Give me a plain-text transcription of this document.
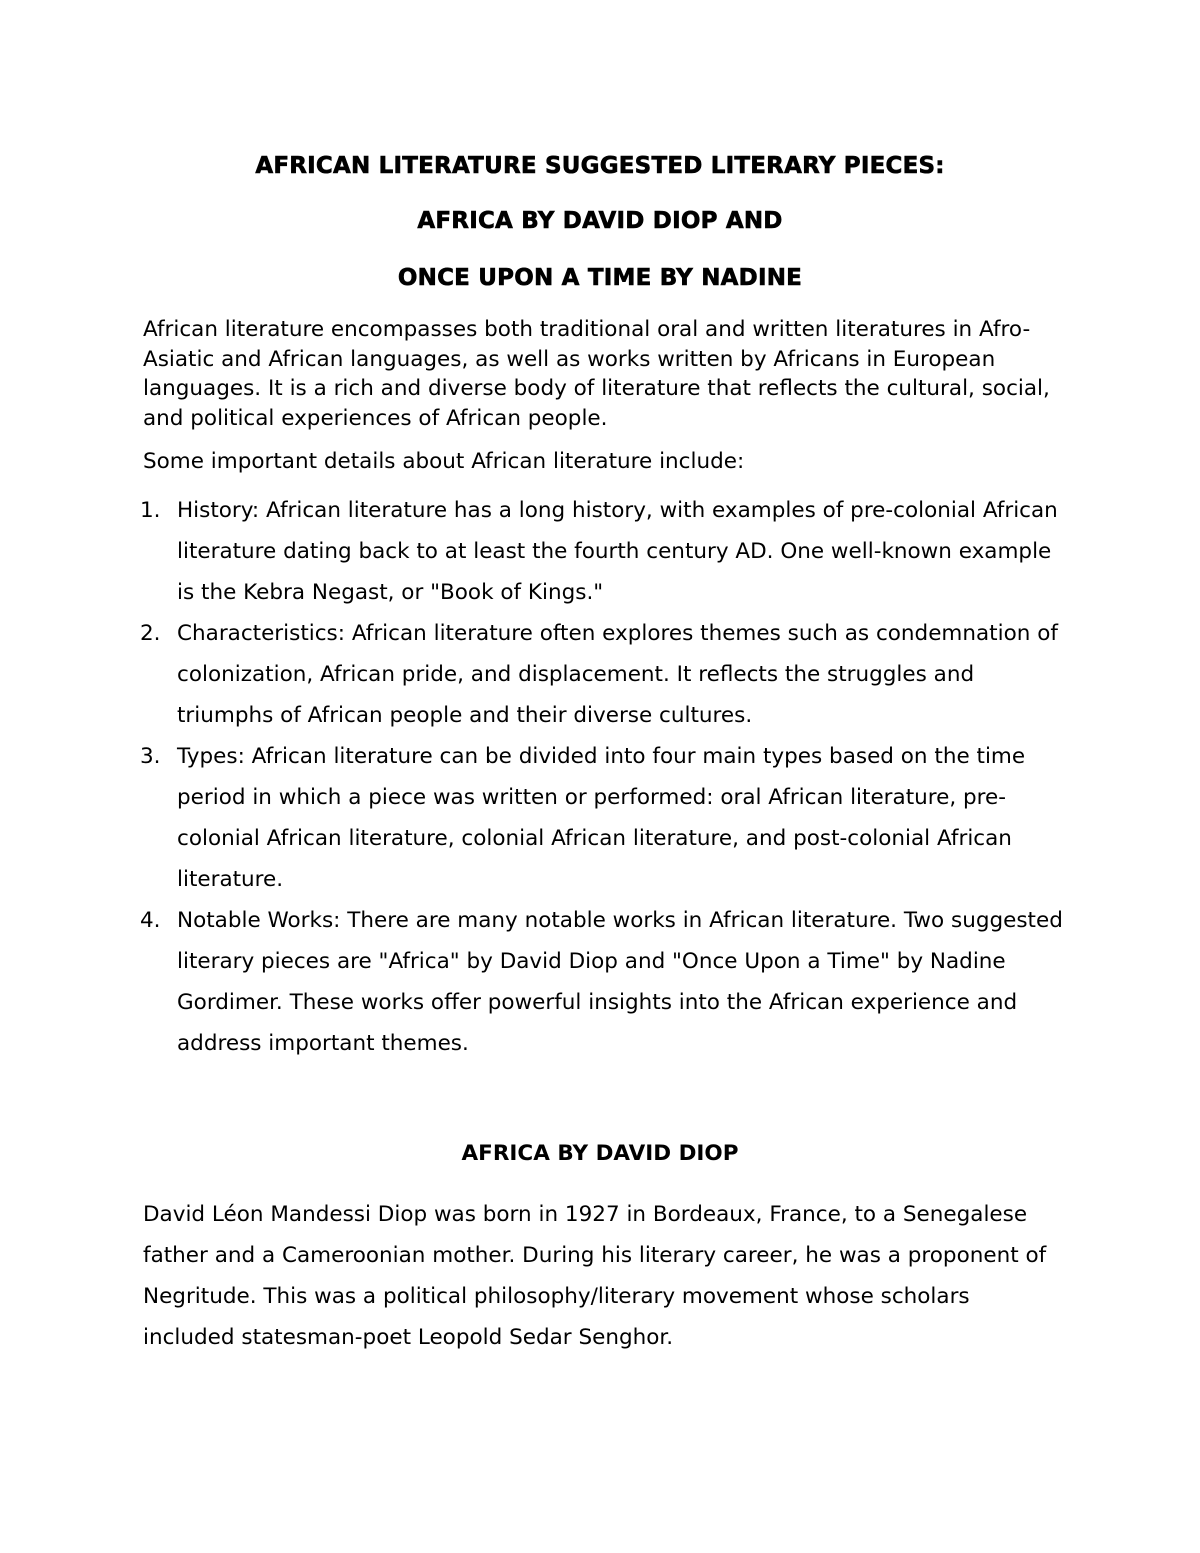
AFRICAN LITERATURE SUGGESTED LITERARY PIECES:
AFRICA BY DAVID DIOP AND
ONCE UPON A TIME BY NADINE

African literature encompasses both traditional oral and written literatures in Afro-Asiatic and African languages, as well as works written by Africans in European languages. It is a rich and diverse body of literature that reflects the cultural, social, and political experiences of African people.

Some important details about African literature include:

1. History: African literature has a long history, with examples of pre-colonial African literature dating back to at least the fourth century AD. One well-known example is the Kebra Negast, or "Book of Kings."
2. Characteristics: African literature often explores themes such as condemnation of colonization, African pride, and displacement. It reflects the struggles and triumphs of African people and their diverse cultures.
3. Types: African literature can be divided into four main types based on the time period in which a piece was written or performed: oral African literature, pre-colonial African literature, colonial African literature, and post-colonial African literature.
4. Notable Works: There are many notable works in African literature. Two suggested literary pieces are "Africa" by David Diop and "Once Upon a Time" by Nadine Gordimer. These works offer powerful insights into the African experience and address important themes.
AFRICA BY DAVID DIOP

David Léon Mandessi Diop was born in 1927 in Bordeaux, France, to a Senegalese father and a Cameroonian mother. During his literary career, he was a proponent of Negritude. This was a political philosophy/literary movement whose scholars included statesman-poet Leopold Sedar Senghor.
